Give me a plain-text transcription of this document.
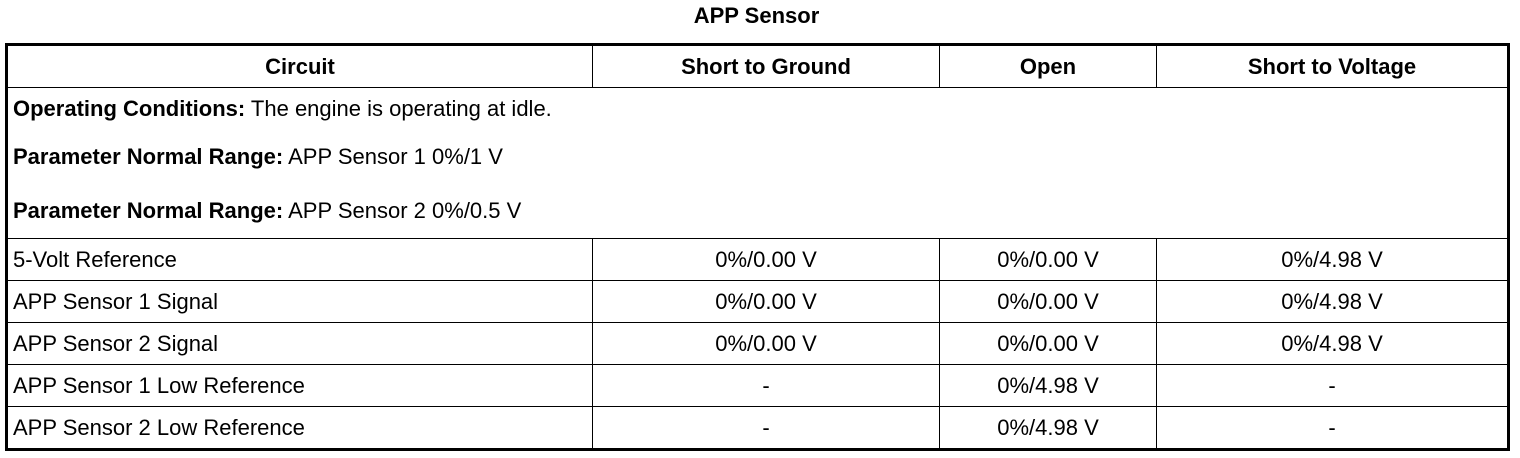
APP Sensor
Circuit	Short to Ground	Open	Short to Voltage

Operating Conditions: The engine is operating at idle.
Parameter Normal Range: APP Sensor 1 0%/1 V
Parameter Normal Range: APP Sensor 2 0%/0.5 V			

5-Volt Reference	0%/0.00 V	0%/0.00 V	0%/4.98 V
APP Sensor 1 Signal	0%/0.00 V	0%/0.00 V	0%/4.98 V
APP Sensor 2 Signal	0%/0.00 V	0%/0.00 V	0%/4.98 V
APP Sensor 1 Low Reference	-	0%/4.98 V	-
APP Sensor 2 Low Reference	-	0%/4.98 V	-
